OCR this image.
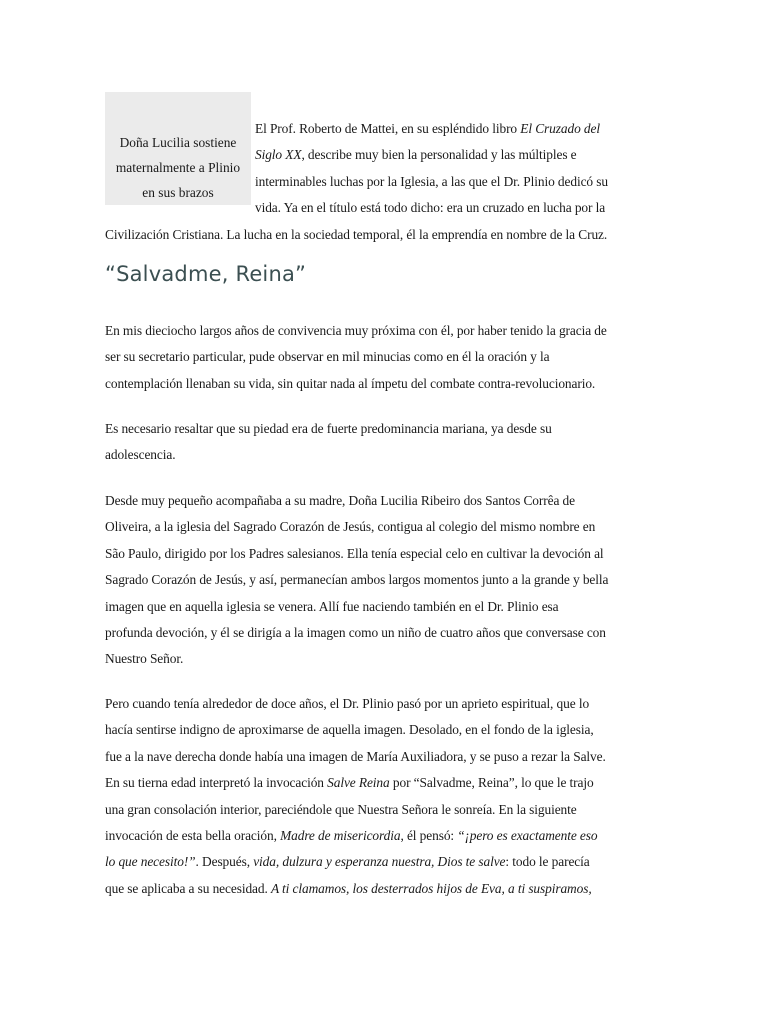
Doña Lucilia sostiene
maternalmente a Plinio
en sus brazos
El Prof. Roberto de Mattei, en su espléndido libro El Cruzado del
Siglo XX, describe muy bien la personalidad y las múltiples e
interminables luchas por la Iglesia, a las que el Dr. Plinio dedicó su
vida. Ya en el título está todo dicho: era un cruzado en lucha por la
Civilización Cristiana. La lucha en la sociedad temporal, él la emprendía en nombre de la Cruz.
“Salvadme, Reina”
En mis dieciocho largos años de convivencia muy próxima con él, por haber tenido la gracia de
ser su secretario particular, pude observar en mil minucias como en él la oración y la
contemplación llenaban su vida, sin quitar nada al ímpetu del combate contra-revolucionario.
Es necesario resaltar que su piedad era de fuerte predominancia mariana, ya desde su
adolescencia.
Desde muy pequeño acompañaba a su madre, Doña Lucilia Ribeiro dos Santos Corrêa de
Oliveira, a la iglesia del Sagrado Corazón de Jesús, contigua al colegio del mismo nombre en
São Paulo, dirigido por los Padres salesianos. Ella tenía especial celo en cultivar la devoción al
Sagrado Corazón de Jesús, y así, permanecían ambos largos momentos junto a la grande y bella
imagen que en aquella iglesia se venera. Allí fue naciendo también en el Dr. Plinio esa
profunda devoción, y él se dirigía a la imagen como un niño de cuatro años que conversase con
Nuestro Señor.
Pero cuando tenía alrededor de doce años, el Dr. Plinio pasó por un aprieto espiritual, que lo
hacía sentirse indigno de aproximarse de aquella imagen. Desolado, en el fondo de la iglesia,
fue a la nave derecha donde había una imagen de María Auxiliadora, y se puso a rezar la Salve.
En su tierna edad interpretó la invocación Salve Reina por “Salvadme, Reina”, lo que le trajo
una gran consolación interior, pareciéndole que Nuestra Señora le sonreía. En la siguiente
invocación de esta bella oración, Madre de misericordia, él pensó: “¡pero es exactamente eso
lo que necesito!”. Después, vida, dulzura y esperanza nuestra, Dios te salve: todo le parecía
que se aplicaba a su necesidad. A ti clamamos, los desterrados hijos de Eva, a ti suspiramos,
